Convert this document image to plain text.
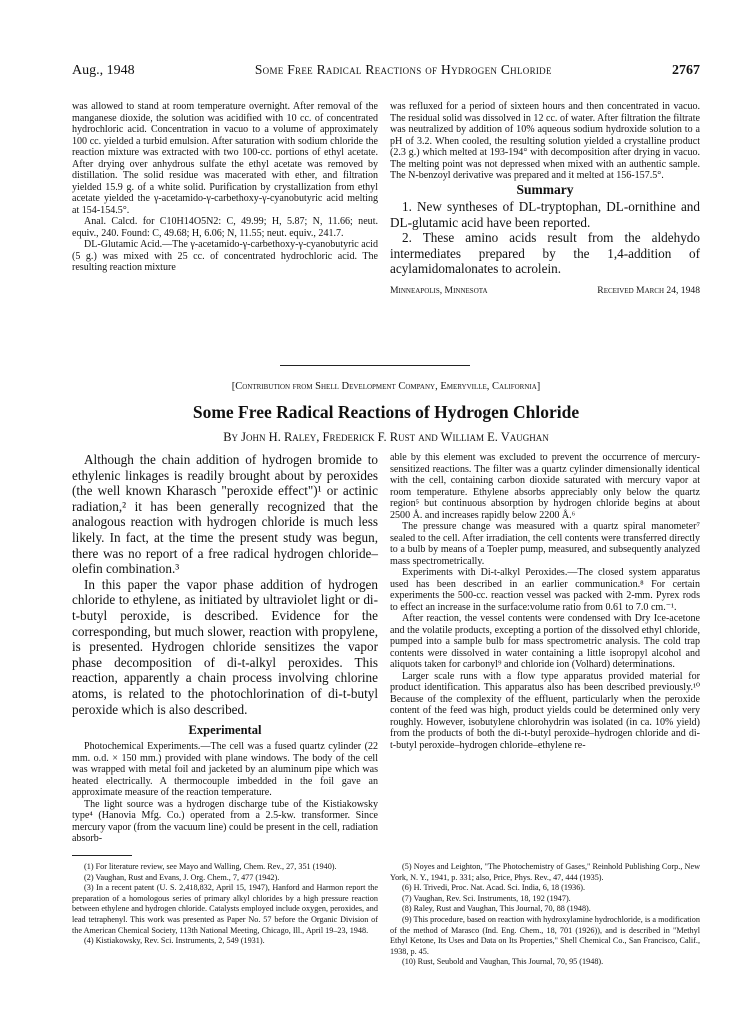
Aug., 1948	Some Free Radical Reactions of Hydrogen Chloride	2767

was allowed to stand at room temperature overnight. After removal of the manganese dioxide, the solution was acidified with 10 cc. of concentrated hydrochloric acid. Concentration in vacuo to a volume of approximately 100 cc. yielded a turbid emulsion. After saturation with sodium chloride the reaction mixture was extracted with two 100-cc. portions of ethyl acetate. After drying over anhydrous sulfate the ethyl acetate was removed by distillation. The solid residue was macerated with ether, and filtration yielded 15.9 g. of a white solid. Purification by crystallization from ethyl acetate yielded the γ-acetamido-γ-carbethoxy-γ-cyanobutyric acid melting at 154-154.5°.

Anal. Calcd. for C10H14O5N2: C, 49.99; H, 5.87; N, 11.66; neut. equiv., 240. Found: C, 49.68; H, 6.06; N, 11.55; neut. equiv., 241.7.

DL-Glutamic Acid.—The γ-acetamido-γ-carbethoxy-γ-cyanobutyric acid (5 g.) was mixed with 25 cc. of concentrated hydrochloric acid. The resulting reaction mixture

was refluxed for a period of sixteen hours and then concentrated in vacuo. The residual solid was dissolved in 12 cc. of water. After filtration the filtrate was neutralized by addition of 10% aqueous sodium hydroxide solution to a pH of 3.2. When cooled, the resulting solution yielded a crystalline product (2.3 g.) which melted at 193-194° with decomposition after drying in vacuo. The melting point was not depressed when mixed with an authentic sample. The N-benzoyl derivative was prepared and it melted at 156-157.5°.

Summary

1. New syntheses of DL-tryptophan, DL-ornithine and DL-glutamic acid have been reported.

2. These amino acids result from the aldehydo intermediates prepared by the 1,4-addition of acylamidomalonates to acrolein.

Minneapolis, Minnesota	Received March 24, 1948
[Contribution from Shell Development Company, Emeryville, California]
Some Free Radical Reactions of Hydrogen Chloride
By John H. Raley, Frederick F. Rust and William E. Vaughan

Although the chain addition of hydrogen bromide to ethylenic linkages is readily brought about by peroxides (the well known Kharasch "peroxide effect")¹ or actinic radiation,² it has been generally recognized that the analogous reaction with hydrogen chloride is much less likely. In fact, at the time the present study was begun, there was no report of a free radical hydrogen chloride–olefin combination.³

In this paper the vapor phase addition of hydrogen chloride to ethylene, as initiated by ultraviolet light or di-t-butyl peroxide, is described. Evidence for the corresponding, but much slower, reaction with propylene, is presented. Hydrogen chloride sensitizes the vapor phase decomposition of di-t-alkyl peroxides. This reaction, apparently a chain process involving chlorine atoms, is related to the photochlorination of di-t-butyl peroxide which is also described.

Experimental

Photochemical Experiments.—The cell was a fused quartz cylinder (22 mm. o.d. × 150 mm.) provided with plane windows. The body of the cell was wrapped with metal foil and jacketed by an aluminum pipe which was heated electrically. A thermocouple imbedded in the foil gave an approximate measure of the reaction temperature.

The light source was a hydrogen discharge tube of the Kistiakowsky type⁴ (Hanovia Mfg. Co.) operated from a 2.5-kw. transformer. Since mercury vapor (from the vacuum line) could be present in the cell, radiation absorb-

able by this element was excluded to prevent the occurrence of mercury-sensitized reactions. The filter was a quartz cylinder dimensionally identical with the cell, containing carbon dioxide saturated with mercury vapor at room temperature. Ethylene absorbs appreciably only below the quartz region⁵ but continuous absorption by hydrogen chloride begins at about 2500 Å. and increases rapidly below 2200 Å.⁶

The pressure change was measured with a quartz spiral manometer⁷ sealed to the cell. After irradiation, the cell contents were transferred directly to a bulb by means of a Toepler pump, measured, and subsequently analyzed mass spectrometrically.

Experiments with Di-t-alkyl Peroxides.—The closed system apparatus used has been described in an earlier communication.⁸ For certain experiments the 500-cc. reaction vessel was packed with 2-mm. Pyrex rods to effect an increase in the surface:volume ratio from 0.61 to 7.0 cm.⁻¹.

After reaction, the vessel contents were condensed with Dry Ice-acetone and the volatile products, excepting a portion of the dissolved ethyl chloride, pumped into a sample bulb for mass spectrometric analysis. The cold trap contents were dissolved in water containing a little isopropyl alcohol and aliquots taken for carbonyl⁹ and chloride ion (Volhard) determinations.

Larger scale runs with a flow type apparatus provided material for product identification. This apparatus also has been described previously.¹⁰ Because of the complexity of the effluent, particularly when the peroxide content of the feed was high, product yields could be determined only very roughly. However, isobutylene chlorohydrin was isolated (in ca. 10% yield) from the products of both the di-t-butyl peroxide–hydrogen chloride and di-t-butyl peroxide–hydrogen chloride–ethylene re-

(1) For literature review, see Mayo and Walling, Chem. Rev., 27, 351 (1940).

(2) Vaughan, Rust and Evans, J. Org. Chem., 7, 477 (1942).

(3) In a recent patent (U. S. 2,418,832, April 15, 1947), Hanford and Harmon report the preparation of a homologous series of primary alkyl chlorides by a high pressure reaction between ethylene and hydrogen chloride. Catalysts employed include oxygen, peroxides, and lead tetraphenyl. This work was presented as Paper No. 57 before the Organic Division of the American Chemical Society, 113th National Meeting, Chicago, Ill., April 19–23, 1948.

(4) Kistiakowsky, Rev. Sci. Instruments, 2, 549 (1931).

(5) Noyes and Leighton, "The Photochemistry of Gases," Reinhold Publishing Corp., New York, N. Y., 1941, p. 331; also, Price, Phys. Rev., 47, 444 (1935).

(6) H. Trivedi, Proc. Nat. Acad. Sci. India, 6, 18 (1936).

(7) Vaughan, Rev. Sci. Instruments, 18, 192 (1947).

(8) Raley, Rust and Vaughan, This Journal, 70, 88 (1948).

(9) This procedure, based on reaction with hydroxylamine hydrochloride, is a modification of the method of Marasco (Ind. Eng. Chem., 18, 701 (1926)), and is described in "Methyl Ethyl Ketone, Its Uses and Data on Its Properties," Shell Chemical Co., San Francisco, Calif., 1938, p. 45.

(10) Rust, Seubold and Vaughan, This Journal, 70, 95 (1948).
